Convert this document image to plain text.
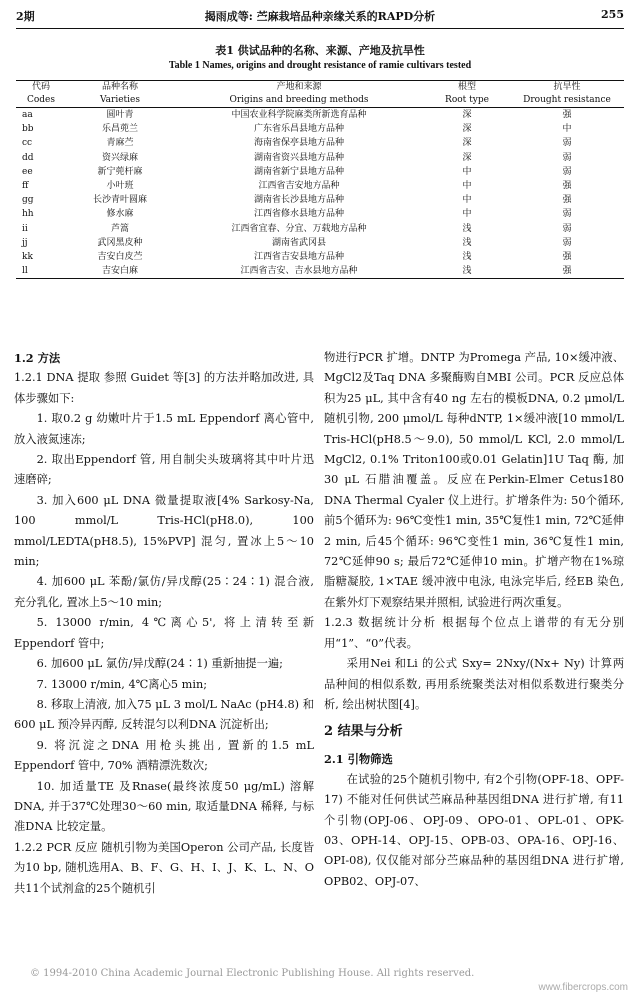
2期	揭雨成等: 苎麻栽培品种亲缘关系的RAPD分析	255
表1 供试品种的名称、来源、产地及抗旱性
Table 1 Names, origins and drought resistance of ramie cultivars tested
代码	品种名称	产地和来源	根型	抗旱性
Codes	Varieties	Origins and breeding methods	Root type	Drought resistance
aa	圆叶青	中国农业科学院麻类所新选育品种	深	强
bb	乐昌蔸兰	广东省乐昌县地方品种	深	中
cc	青麻苎	海南省保亭县地方品种	深	弱
dd	资兴绿麻	湖南省资兴县地方品种	深	弱
ee	新宁蔸杆麻	湖南省新宁县地方品种	中	弱
ff	小叶班	江西省吉安地方品种	中	强
gg	长沙青叶圆麻	湖南省长沙县地方品种	中	强
hh	修水麻	江西省修水县地方品种	中	弱
ii	芦篙	江西省宜春、分宜、万载地方品种	浅	弱
jj	武冈黑皮种	湖南省武冈县	浅	弱
kk	吉安白皮苎	江西省吉安县地方品种	浅	强
ll	吉安白麻	江西省吉安、吉水县地方品种	浅	强

1.2 方法

1.2.1 DNA 提取 参照 Guidet 等[3] 的方法并略加改进, 具体步骤如下:

1. 取0.2 g 幼嫩叶片于1.5 mL Eppendorf 离心管中, 放入液氮速冻;

2. 取出Eppendorf 管, 用自制尖头玻璃将其中叶片迅速磨碎;

3. 加入600 μL DNA 微量提取液[4% Sarkosy-Na, 100 mmol/L Tris-HCl(pH8.0), 100 mmol/LEDTA(pH8.5), 15%PVP] 混匀, 置冰上5～10 min;

4. 加600 μL 苯酚/氯仿/异戊醇(25∶24∶1) 混合液, 充分乳化, 置冰上5～10 min;

5. 13000 r/min, 4℃离心5', 将上清转至新Eppendorf 管中;

6. 加600 μL 氯仿/异戊醇(24∶1) 重新抽提一遍;

7. 13000 r/min, 4℃离心5 min;

8. 移取上清液, 加入75 μL 3 mol/L NaAc (pH4.8) 和600 μL 预冷异丙醇, 反转混匀以利DNA 沉淀析出;

9. 将沉淀之DNA 用枪头挑出, 置新的1.5 mL Eppendorf 管中, 70% 酒精漂洗数次;

10. 加适量TE 及Rnase(最终浓度50 μg/mL) 溶解DNA, 并于37℃处理30～60 min, 取适量DNA 稀释, 与标准DNA 比较定量。

1.2.2 PCR 反应 随机引物为美国Operon 公司产品, 长度皆为10 bp, 随机选用A、B、F、G、H、I、J、K、L、N、O 共11个试剂盒的25个随机引

物进行PCR 扩增。DNTP 为Promega 产品, 10×缓冲液、MgCl2及Taq DNA 多聚酶购自MBI 公司。PCR 反应总体积为25 μL, 其中含有40 ng 左右的模板DNA, 0.2 μmol/L 随机引物, 200 μmol/L 每种dNTP, 1×缓冲液[10 mmol/L Tris-HCl(pH8.5～9.0), 50 mmol/L KCl, 2.0 mmol/L MgCl2, 0.1% Triton100或0.01 Gelatin]1U Taq 酶, 加30 μL 石腊油覆盖。反应在Perkin-Elmer Cetus180 DNA Thermal Cyaler 仪上进行。扩增条件为: 50个循环, 前5个循环为: 96℃变性1 min, 35℃复性1 min, 72℃延伸2 min, 后45个循环: 96℃变性1 min, 36℃复性1 min, 72℃延伸90 s; 最后72℃延伸10 min。扩增产物在1%琼脂糖凝胶, 1×TAE 缓冲液中电泳, 电泳完毕后, 经EB 染色, 在紫外灯下观察结果并照相, 试验进行两次重复。

1.2.3 数据统计分析 根据每个位点上谱带的有无分别用“1”、“0”代表。

采用Nei 和Li 的公式 Sxy= 2Nxy/(Nx+ Ny) 计算两品种间的相似系数, 再用系统聚类法对相似系数进行聚类分析, 绘出树状图[4]。

2 结果与分析

2.1 引物筛选

在试验的25个随机引物中, 有2个引物(OPF-18、OPF-17) 不能对任何供试苎麻品种基因组DNA 进行扩增, 有11个引物(OPJ-06、OPJ-09、OPO-01、OPL-01、OPK-03、OPH-14、OPJ-15、OPB-03、OPA-16、OPJ-16、OPI-08), 仅仅能对部分苎麻品种的基因组DNA 进行扩增, OPB02、OPJ-07、

© 1994-2010 China Academic Journal Electronic Publishing House. All rights reserved.
www.fibercrops.com
